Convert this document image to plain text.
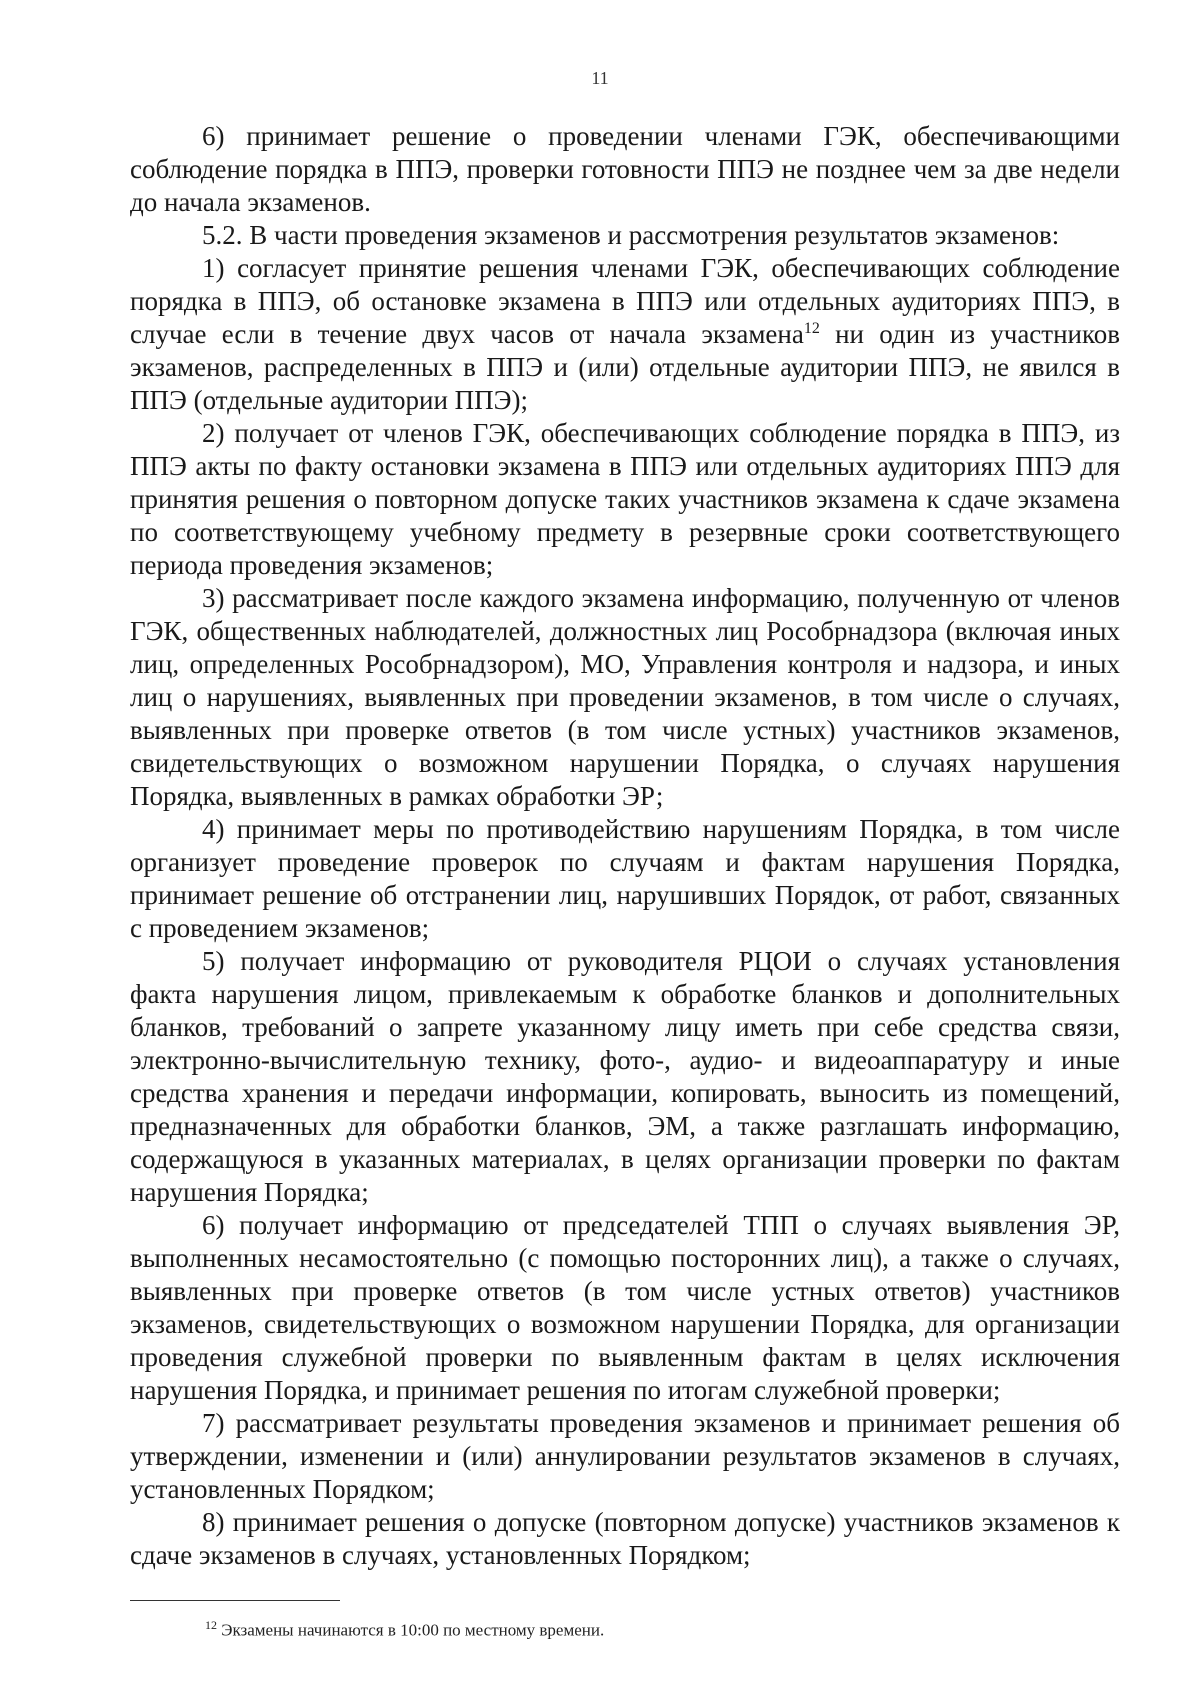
11

6) принимает решение о проведении членами ГЭК, обеспечивающими соблюдение порядка в ППЭ, проверки готовности ППЭ не позднее чем за две недели до начала экзаменов.

5.2. В части проведения экзаменов и рассмотрения результатов экзаменов:

1) согласует принятие решения членами ГЭК, обеспечивающих соблюдение порядка в ППЭ, об остановке экзамена в ППЭ или отдельных аудиториях ППЭ, в случае если в течение двух часов от начала экзамена$^{12}$ ни один из участников экзаменов, распределенных в ППЭ и (или) отдельные аудитории ППЭ, не явился в ППЭ (отдельные аудитории ППЭ);

2) получает от членов ГЭК, обеспечивающих соблюдение порядка в ППЭ, из ППЭ акты по факту остановки экзамена в ППЭ или отдельных аудиториях ППЭ для принятия решения о повторном допуске таких участников экзамена к сдаче экзамена по соответствующему учебному предмету в резервные сроки соответствующего периода проведения экзаменов;

3) рассматривает после каждого экзамена информацию, полученную от членов ГЭК, общественных наблюдателей, должностных лиц Рособрнадзора (включая иных лиц, определенных Рособрнадзором), МО, Управления контроля и надзора, и иных лиц о нарушениях, выявленных при проведении экзаменов, в том числе о случаях, выявленных при проверке ответов (в том числе устных) участников экзаменов, свидетельствующих о возможном нарушении Порядка, о случаях нарушения Порядка, выявленных в рамках обработки ЭР;

4) принимает меры по противодействию нарушениям Порядка, в том числе организует проведение проверок по случаям и фактам нарушения Порядка, принимает решение об отстранении лиц, нарушивших Порядок, от работ, связанных с проведением экзаменов;

5) получает информацию от руководителя РЦОИ о случаях установления факта нарушения лицом, привлекаемым к обработке бланков и дополнительных бланков, требований о запрете указанному лицу иметь при себе средства связи, электронно-вычислительную технику, фото-, аудио- и видеоаппаратуру и иные средства хранения и передачи информации, копировать, выносить из помещений, предназначенных для обработки бланков, ЭМ, а также разглашать информацию, содержащуюся в указанных материалах, в целях организации проверки по фактам нарушения Порядка;

6) получает информацию от председателей ТПП о случаях выявления ЭР, выполненных несамостоятельно (с помощью посторонних лиц), а также о случаях, выявленных при проверке ответов (в том числе устных ответов) участников экзаменов, свидетельствующих о возможном нарушении Порядка, для организации проведения служебной проверки по выявленным фактам в целях исключения нарушения Порядка, и принимает решения по итогам служебной проверки;

7) рассматривает результаты проведения экзаменов и принимает решения об утверждении, изменении и (или) аннулировании результатов экзаменов в случаях, установленных Порядком;

8) принимает решения о допуске (повторном допуске) участников экзаменов к сдаче экзаменов в случаях, установленных Порядком;

$^{12}$ Экзамены начинаются в 10:00 по местному времени.
